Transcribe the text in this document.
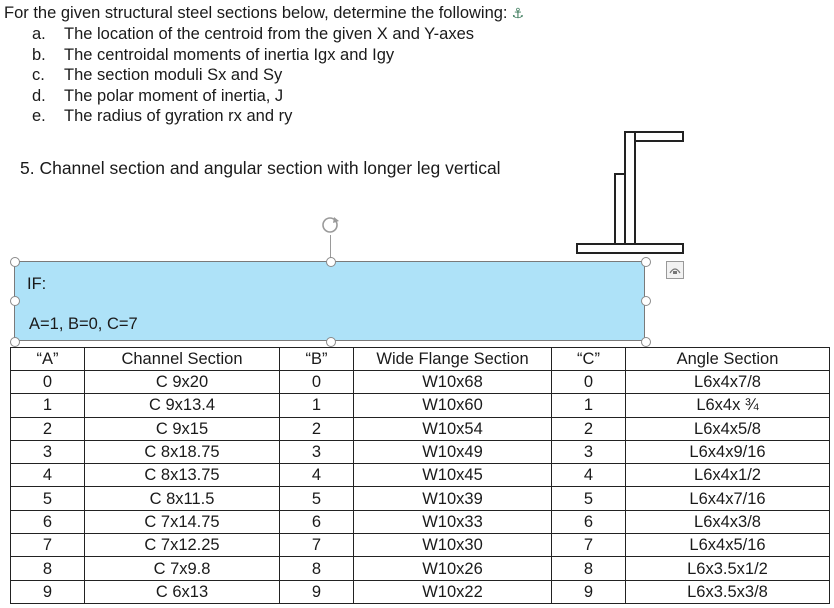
For the given structural steel sections below, determine the following: ⚓
a. The location of the centroid from the given X and Y-axes
b. The centroidal moments of inertia Igx and Igy
c. The section moduli Sx and Sy
d. The polar moment of inertia, J
e. The radius of gyration rx and ry
5. Channel section and angular section with longer leg vertical
IF:
A=1, B=0, C=7
“A”	Channel Section	“B”	Wide Flange Section	“C”	Angle Section
0	C 9x20	0	W10x68	0	L6x4x7/8
1	C 9x13.4	1	W10x60	1	L6x4x ¾
2	C 9x15	2	W10x54	2	L6x4x5/8
3	C 8x18.75	3	W10x49	3	L6x4x9/16
4	C 8x13.75	4	W10x45	4	L6x4x1/2
5	C 8x11.5	5	W10x39	5	L6x4x7/16
6	C 7x14.75	6	W10x33	6	L6x4x3/8
7	C 7x12.25	7	W10x30	7	L6x4x5/16
8	C 7x9.8	8	W10x26	8	L6x3.5x1/2
9	C 6x13	9	W10x22	9	L6x3.5x3/8
